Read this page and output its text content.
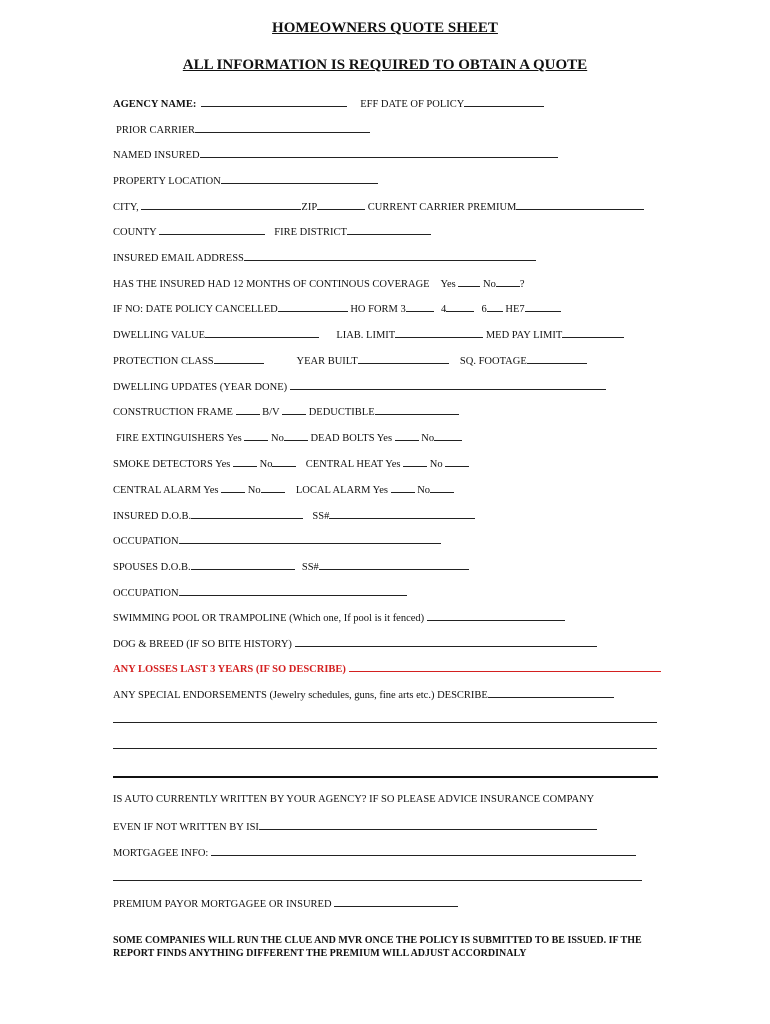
HOMEOWNERS QUOTE SHEET
ALL INFORMATION IS REQUIRED TO OBTAIN A QUOTE
AGENCY NAME:	EFF DATE OF POLICY
PRIOR CARRIER
NAMED INSURED
PROPERTY LOCATION
CITY,	ZIP	CURRENT CARRIER PREMIUM
COUNTY	FIRE DISTRICT
INSURED EMAIL ADDRESS
HAS THE INSURED HAD 12 MONTHS OF CONTINOUS COVERAGE Yes	No ?
IF NO: DATE POLICY CANCELLED	HO FORM 3	4	6 HE7
DWELLING VALUE	LIAB. LIMIT	MED PAY LIMIT
PROTECTION CLASS	YEAR BUILT	SQ. FOOTAGE
DWELLING UPDATES (YEAR DONE)
CONSTRUCTION FRAME	B/V	DEDUCTIBLE
FIRE EXTINGUISHERS Yes	No	DEAD BOLTS Yes	No
SMOKE DETECTORS Yes	No	CENTRAL HEAT Yes	No
CENTRAL ALARM Yes	No	LOCAL ALARM Yes	No
INSURED D.O.B.	SS#
OCCUPATION
SPOUSES D.O.B.	SS#
OCCUPATION
SWIMMING POOL OR TRAMPOLINE (Which one, If pool is it fenced)
DOG & BREED (IF SO BITE HISTORY)
ANY LOSSES LAST 3 YEARS (IF SO DESCRIBE)
ANY SPECIAL ENDORSEMENTS (Jewelry schedules, guns, fine arts etc.) DESCRIBE
IS AUTO CURRENTLY WRITTEN BY YOUR AGENCY? IF SO PLEASE ADVICE INSURANCE COMPANY
EVEN IF NOT WRITTEN BY ISI
MORTGAGEE INFO:
PREMIUM PAYOR MORTGAGEE OR INSURED
SOME COMPANIES WILL RUN THE CLUE AND MVR ONCE THE POLICY IS SUBMITTED TO BE ISSUED. IF THE REPORT FINDS ANYTHING DIFFERENT THE PREMIUM WILL ADJUST ACCORDINALY
